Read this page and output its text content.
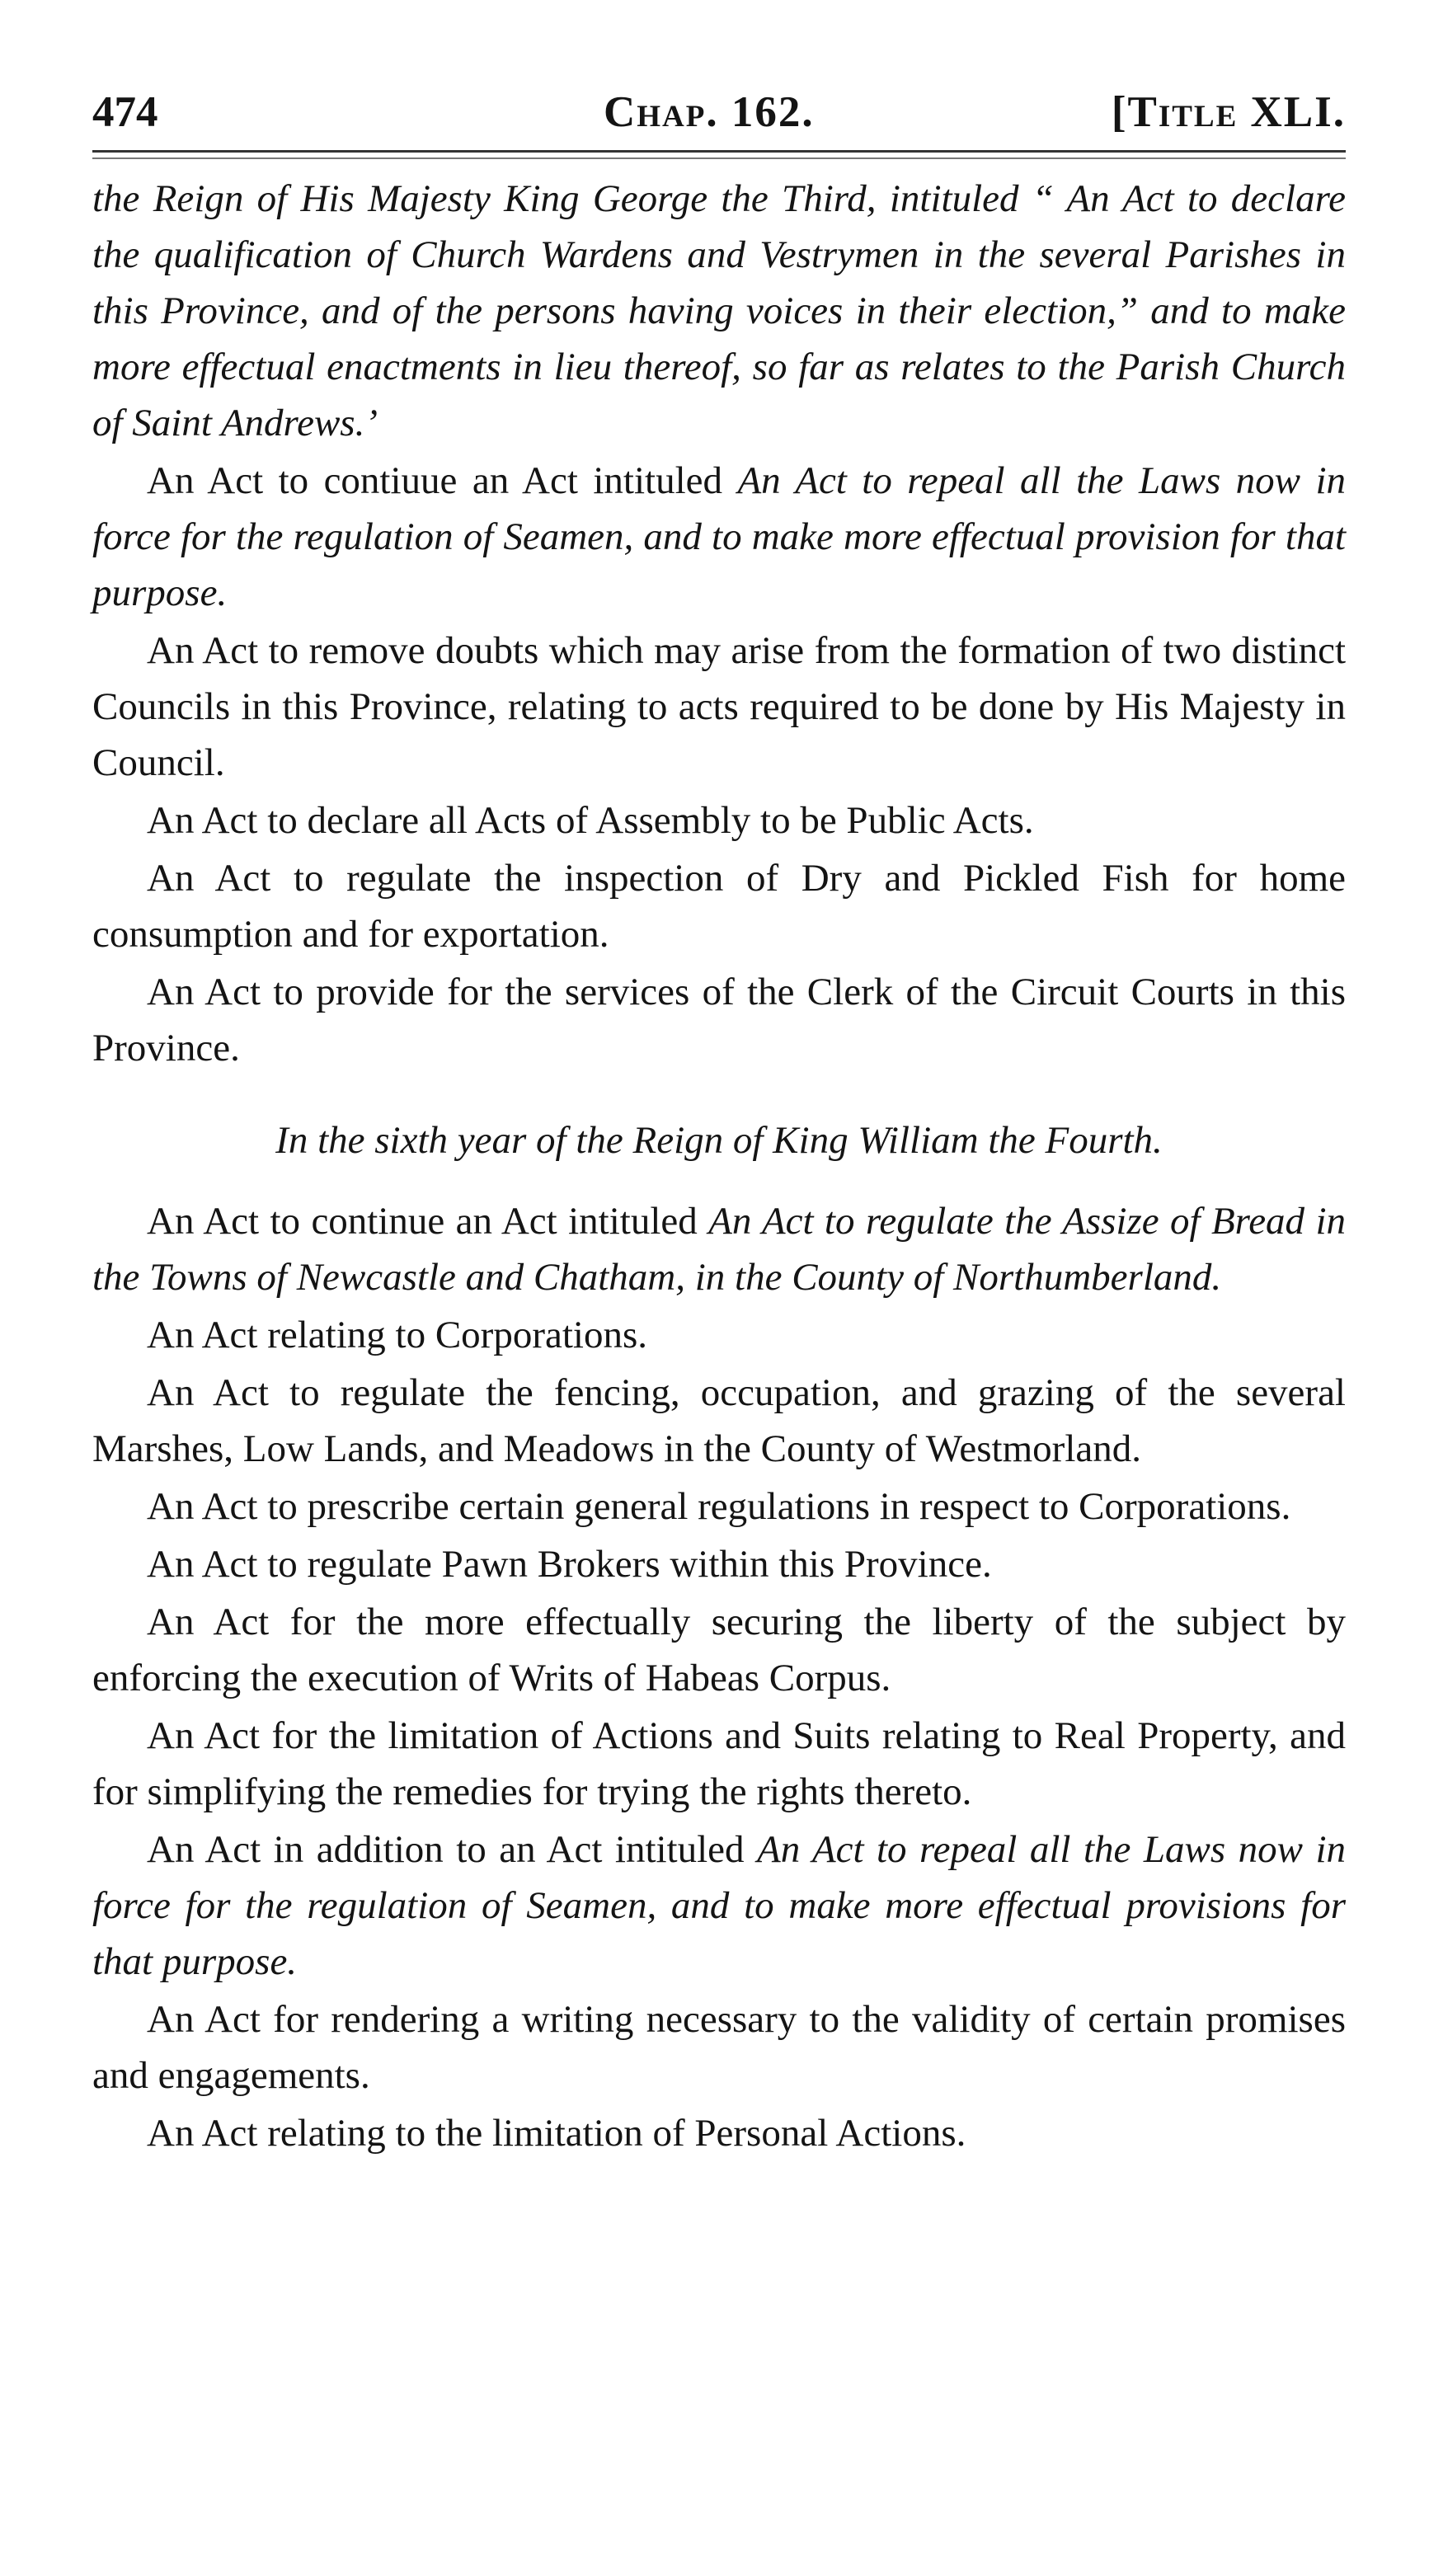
474	Chap. 162.	[Title XLI.

the Reign of His Majesty King George the Third, intituled “ An Act to declare the qualification of Church Wardens and Vestrymen in the several Parishes in this Province, and of the persons having voices in their election,” and to make more effectual enactments in lieu thereof, so far as relates to the Parish Church of Saint Andrews.’

An Act to contiuue an Act intituled An Act to repeal all the Laws now in force for the regulation of Seamen, and to make more effectual provision for that purpose.

An Act to remove doubts which may arise from the formation of two distinct Councils in this Province, relating to acts required to be done by His Majesty in Council.

An Act to declare all Acts of Assembly to be Public Acts.

An Act to regulate the inspection of Dry and Pickled Fish for home consumption and for exportation.

An Act to provide for the services of the Clerk of the Circuit Courts in this Province.

In the sixth year of the Reign of King William the Fourth.

An Act to continue an Act intituled An Act to regulate the Assize of Bread in the Towns of Newcastle and Chatham, in the County of Northumberland.

An Act relating to Corporations.

An Act to regulate the fencing, occupation, and grazing of the several Marshes, Low Lands, and Meadows in the County of Westmorland.

An Act to prescribe certain general regulations in respect to Corporations.

An Act to regulate Pawn Brokers within this Province.

An Act for the more effectually securing the liberty of the subject by enforcing the execution of Writs of Habeas Corpus.

An Act for the limitation of Actions and Suits relating to Real Property, and for simplifying the remedies for trying the rights thereto.

An Act in addition to an Act intituled An Act to repeal all the Laws now in force for the regulation of Seamen, and to make more effectual provisions for that purpose.

An Act for rendering a writing necessary to the validity of certain promises and engagements.

An Act relating to the limitation of Personal Actions.
